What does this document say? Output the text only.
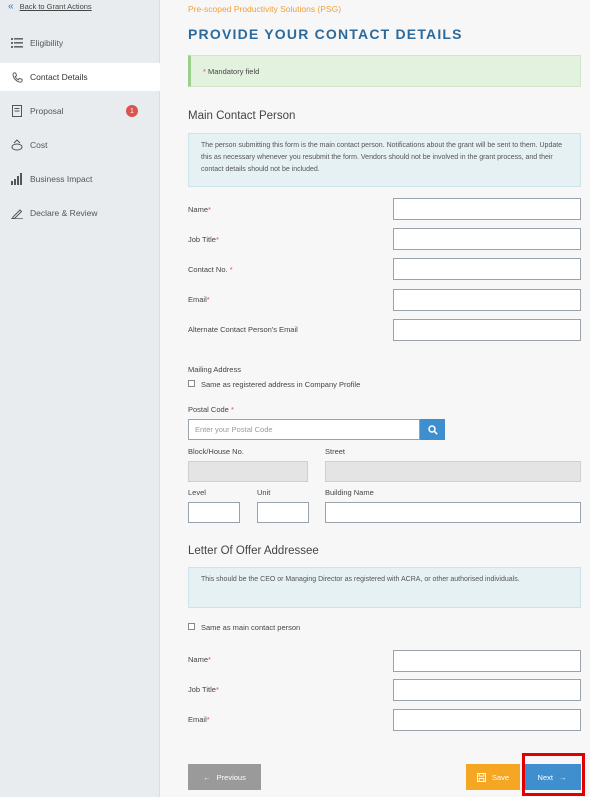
« Back to Grant Actions
Eligibility
Contact Details
Proposal	1
Cost
Business Impact
Declare & Review
Pre-scoped Productivity Solutions (PSG)
PROVIDE YOUR CONTACT DETAILS
*
Mandatory field
Main Contact Person
The person submitting this form is the main contact person. Notifications about the grant will be sent to them. Update this as necessary whenever you resubmit the form. Vendors should not be involved in the grant process, and their contact details should not be included.
Name*
Job Title*
Contact No. *
Email*
Alternate Contact Person's Email
Mailing Address
Same as registered address in Company Profile
Postal Code *
Enter your Postal Code
Block/House No.	Street
Level	Unit	Building Name
Letter Of Offer Addressee
This should be the CEO or Managing Director as registered with ACRA, or other authorised individuals.
Same as main contact person
Name*
Job Title*
Email*
← Previous	Save	Next →
